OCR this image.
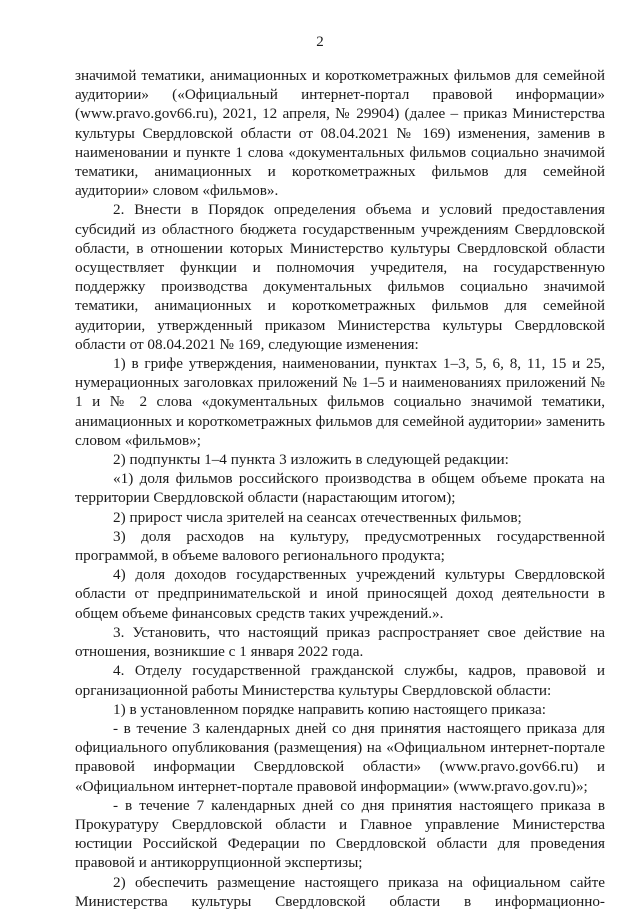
2

значимой тематики, анимационных и короткометражных фильмов для семейной аудитории» («Официальный интернет-портал правовой информации» (www.pravo.gov66.ru), 2021, 12 апреля, № 29904) (далее – приказ Министерства культуры Свердловской области от 08.04.2021 № 169) изменения, заменив в наименовании и пункте 1 слова «документальных фильмов социально значимой тематики, анимационных и короткометражных фильмов для семейной аудитории» словом «фильмов».

2. Внести в Порядок определения объема и условий предоставления субсидий из областного бюджета государственным учреждениям Свердловской области, в отношении которых Министерство культуры Свердловской области осуществляет функции и полномочия учредителя, на государственную поддержку производства документальных фильмов социально значимой тематики, анимационных и короткометражных фильмов для семейной аудитории, утвержденный приказом Министерства культуры Свердловской области от 08.04.2021 № 169, следующие изменения:

1) в грифе утверждения, наименовании, пунктах 1–3, 5, 6, 8, 11, 15 и 25, нумерационных заголовках приложений № 1–5 и наименованиях приложений № 1 и № 2 слова «документальных фильмов социально значимой тематики, анимационных и короткометражных фильмов для семейной аудитории» заменить словом «фильмов»;

2) подпункты 1–4 пункта 3 изложить в следующей редакции:

«1) доля фильмов российского производства в общем объеме проката на территории Свердловской области (нарастающим итогом);

2) прирост числа зрителей на сеансах отечественных фильмов;

3) доля расходов на культуру, предусмотренных государственной программой, в объеме валового регионального продукта;

4) доля доходов государственных учреждений культуры Свердловской области от предпринимательской и иной приносящей доход деятельности в общем объеме финансовых средств таких учреждений.».

3. Установить, что настоящий приказ распространяет свое действие на отношения, возникшие с 1 января 2022 года.

4. Отделу государственной гражданской службы, кадров, правовой и организационной работы Министерства культуры Свердловской области:

1) в установленном порядке направить копию настоящего приказа:

- в течение 3 календарных дней со дня принятия настоящего приказа для официального опубликования (размещения) на «Официальном интернет-портале правовой информации Свердловской области» (www.pravo.gov66.ru) и «Официальном интернет-портале правовой информации» (www.pravo.gov.ru)»;

- в течение 7 календарных дней со дня принятия настоящего приказа в Прокуратуру Свердловской области и Главное управление Министерства юстиции Российской Федерации по Свердловской области для проведения правовой и антикоррупционной экспертизы;

2) обеспечить размещение настоящего приказа на официальном сайте Министерства культуры Свердловской области в информационно-
